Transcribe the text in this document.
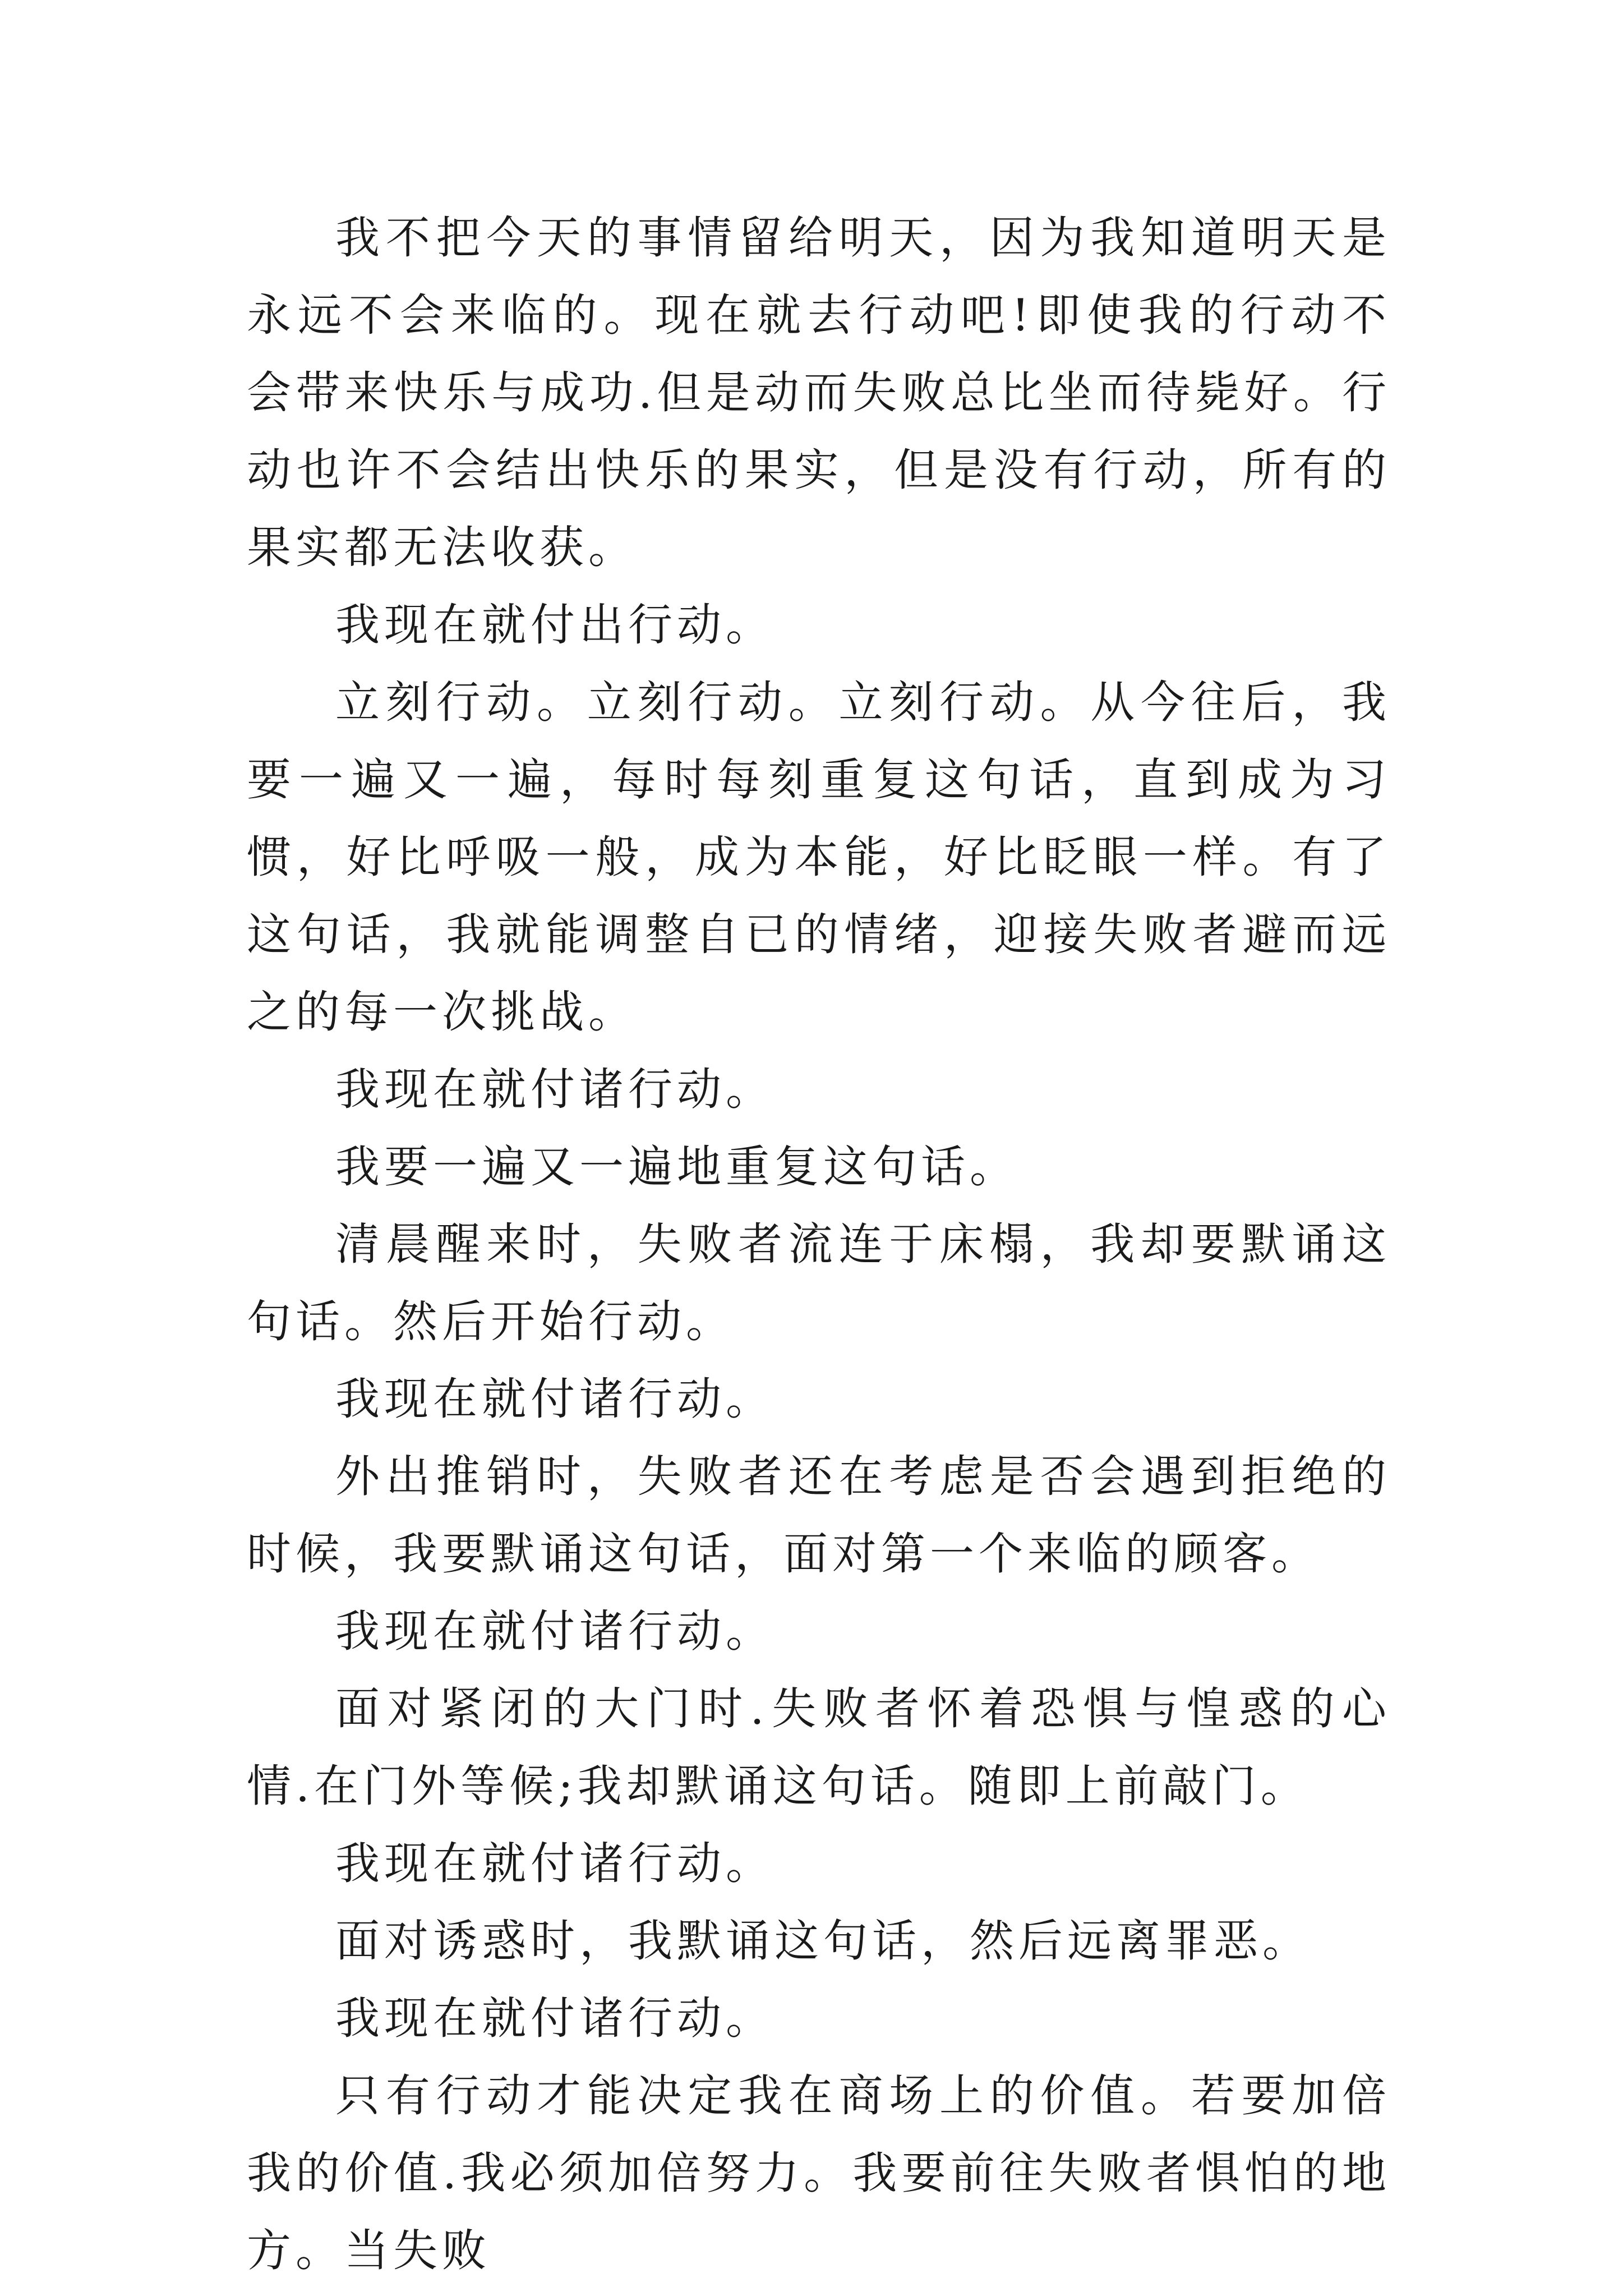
我不把今天的事情留给明天，因为我知道明天是永远不会来临的。现在就去行动吧!即使我的行动不会带来快乐与成功.但是动而失败总比坐而待毙好。行动也许不会结出快乐的果实，但是没有行动，所有的果实都无法收获。

我现在就付出行动。

立刻行动。立刻行动。立刻行动。从今往后，我要一遍又一遍，每时每刻重复这句话，直到成为习惯，好比呼吸一般，成为本能，好比眨眼一样。有了这句话，我就能调整自已的情绪，迎接失败者避而远之的每一次挑战。

我现在就付诸行动。

我要一遍又一遍地重复这句话。

清晨醒来时，失败者流连于床榻，我却要默诵这句话。然后开始行动。

我现在就付诸行动。

外出推销时，失败者还在考虑是否会遇到拒绝的时候，我要默诵这句话，面对第一个来临的顾客。

我现在就付诸行动。

面对紧闭的大门时.失败者怀着恐惧与惶惑的心情.在门外等候;我却默诵这句话。随即上前敲门。

我现在就付诸行动。

面对诱惑时，我默诵这句话，然后远离罪恶。

我现在就付诸行动。

只有行动才能决定我在商场上的价值。若要加倍我的价值.我必须加倍努力。我要前往失败者惧怕的地方。当失败
